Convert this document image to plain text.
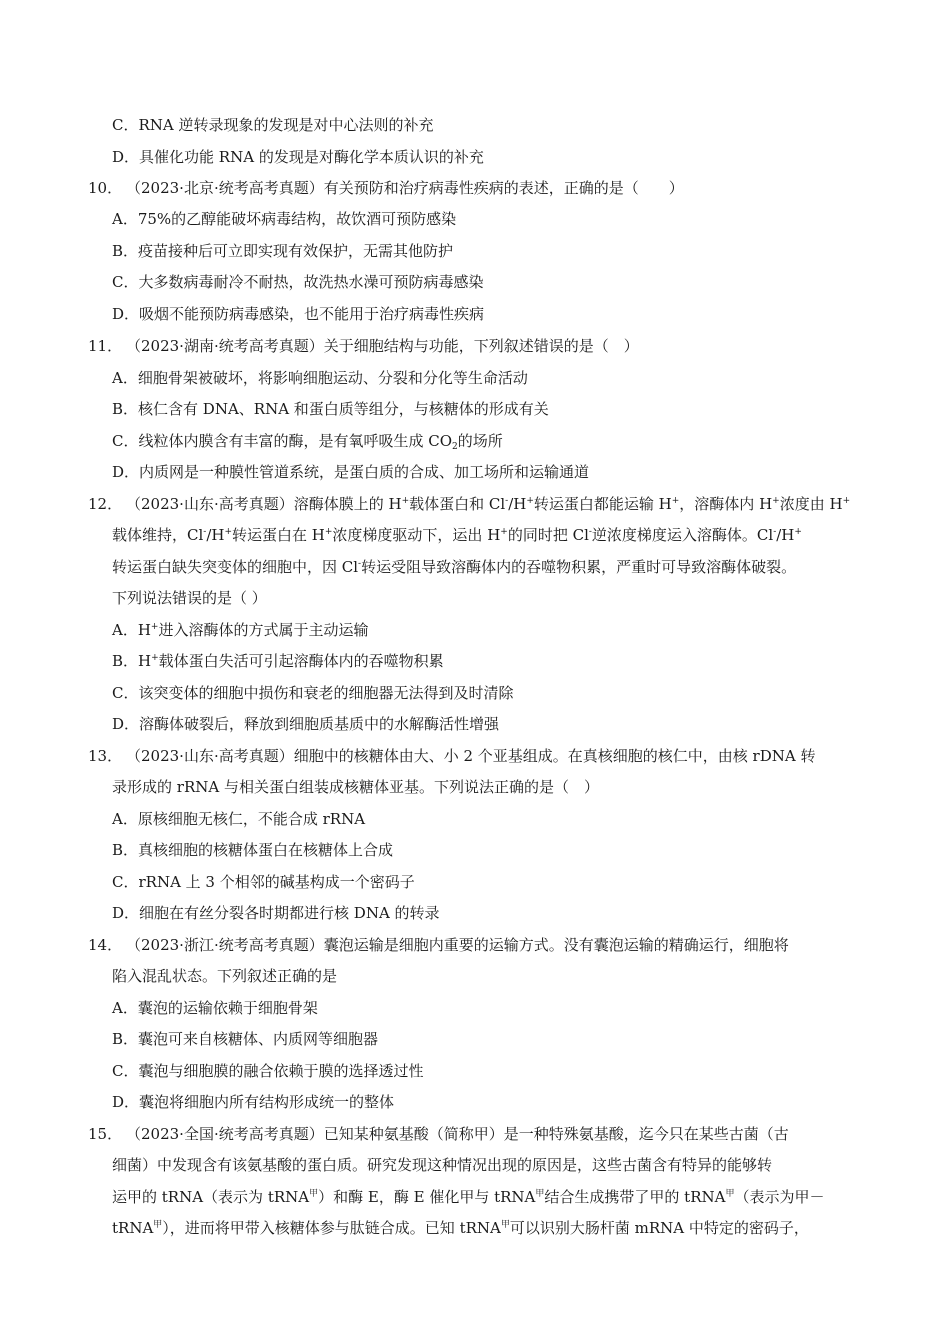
C．RNA 逆转录现象的发现是对中心法则的补充
D．具催化功能 RNA 的发现是对酶化学本质认识的补充
10． （2023·北京·统考高考真题）有关预防和治疗病毒性疾病的表述，正确的是（　　）
A．75%的乙醇能破坏病毒结构，故饮酒可预防感染
B．疫苗接种后可立即实现有效保护，无需其他防护
C．大多数病毒耐冷不耐热，故洗热水澡可预防病毒感染
D．吸烟不能预防病毒感染，也不能用于治疗病毒性疾病
11． （2023·湖南·统考高考真题）关于细胞结构与功能，下列叙述错误的是（　）
A．细胞骨架被破坏，将影响细胞运动、分裂和分化等生命活动
B．核仁含有 DNA、RNA 和蛋白质等组分，与核糖体的形成有关
C．线粒体内膜含有丰富的酶，是有氧呼吸生成 $CO_2$的场所
D．内质网是一种膜性管道系统，是蛋白质的合成、加工场所和运输通道
12． （2023·山东·高考真题）溶酶体膜上的 H+载体蛋白和 Cl-/H+转运蛋白都能运输 H+，溶酶体内 H+浓度由 H+
载体维持，Cl-/H+转运蛋白在 H+浓度梯度驱动下，运出 H+的同时把 Cl-逆浓度梯度运入溶酶体。Cl-/H+
转运蛋白缺失突变体的细胞中，因 Cl-转运受阻导致溶酶体内的吞噬物积累，严重时可导致溶酶体破裂。
下列说法错误的是（ ）
A．H+进入溶酶体的方式属于主动运输
B．H+载体蛋白失活可引起溶酶体内的吞噬物积累
C．该突变体的细胞中损伤和衰老的细胞器无法得到及时清除
D．溶酶体破裂后，释放到细胞质基质中的水解酶活性增强
13． （2023·山东·高考真题）细胞中的核糖体由大、小 2 个亚基组成。在真核细胞的核仁中，由核 rDNA 转
录形成的 rRNA 与相关蛋白组装成核糖体亚基。下列说法正确的是（　）
A．原核细胞无核仁，不能合成 rRNA
B．真核细胞的核糖体蛋白在核糖体上合成
C．rRNA 上 3 个相邻的碱基构成一个密码子
D．细胞在有丝分裂各时期都进行核 DNA 的转录
14． （2023·浙江·统考高考真题）囊泡运输是细胞内重要的运输方式。没有囊泡运输的精确运行，细胞将
陷入混乱状态。下列叙述正确的是
A．囊泡的运输依赖于细胞骨架
B．囊泡可来自核糖体、内质网等细胞器
C．囊泡与细胞膜的融合依赖于膜的选择透过性
D．囊泡将细胞内所有结构形成统一的整体
15． （2023·全国·统考高考真题）已知某种氨基酸（简称甲）是一种特殊氨基酸，迄今只在某些古菌（古
细菌）中发现含有该氨基酸的蛋白质。研究发现这种情况出现的原因是，这些古菌含有特异的能够转
运甲的 tRNA（表示为 tRNA$^甲$）和酶 E，酶 E 催化甲与 tRNA$^甲$结合生成携带了甲的 tRNA$^甲$（表示为甲－
tRNA$^甲$），进而将甲带入核糖体参与肽链合成。已知 tRNA$^甲$可以识别大肠杆菌 mRNA 中特定的密码子，
